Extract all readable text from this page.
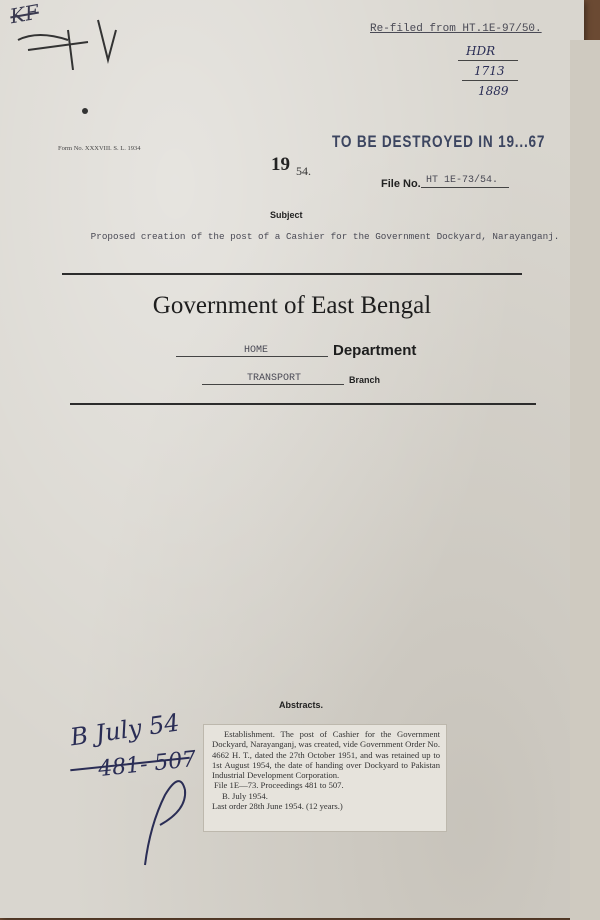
KF
Re-filed from HT.1E-97/50.
HDR
1713
1889
Form No. XXXVIII. S. L. 1934	TO BE DESTROYED IN 19...67
19 54.
File No. HT 1E-73/54.
Subject
Proposed creation of the post of a Cashier for the Government Dockyard, Narayanganj.
Government of East Bengal
HOME	Department
TRANSPORT	Branch
Abstracts.
Establishment. The post of Cashier for the Government Dockyard, Narayanganj, was created, vide Government Order No. 4662 H. T., dated the 27th October 1951, and was retained up to 1st August 1954, the date of handing over Dockyard to Pakistan Industrial Development Corporation.
File 1E—73. Proceedings 481 to 507.
B. July 1954.
Last order 28th June 1954. (12 years.)
B July 54
481- 507
